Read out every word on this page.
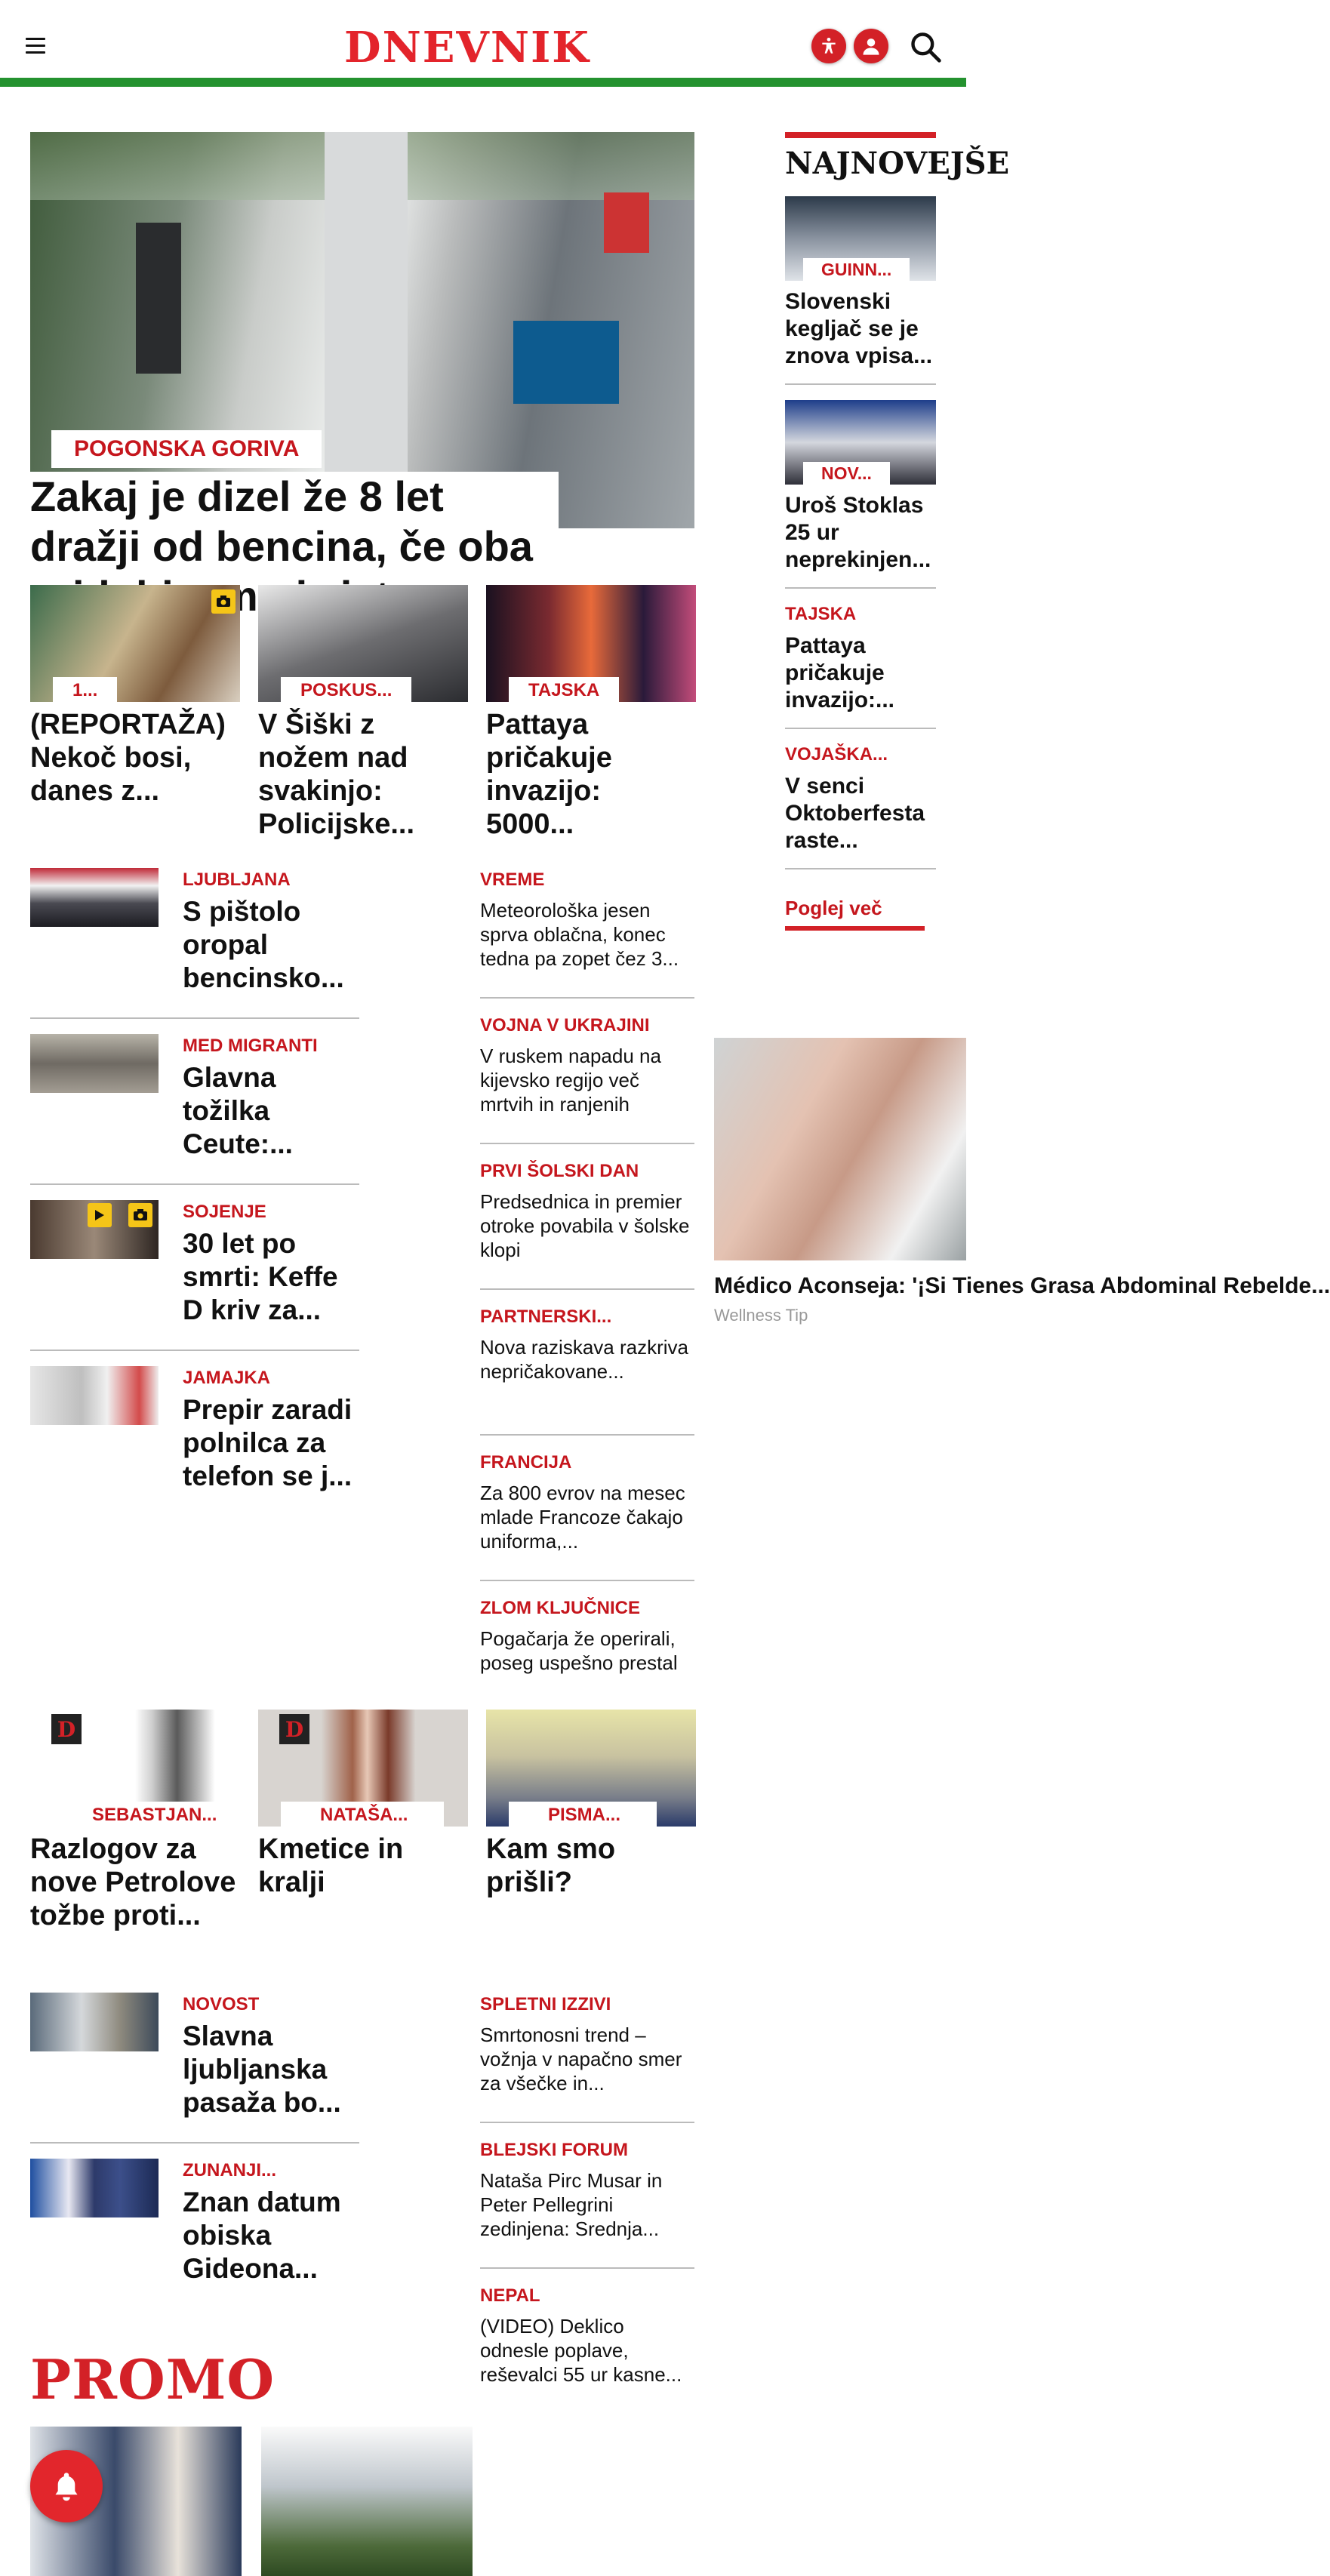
DNEVNIK
POGONSKA GORIVA
Zakaj je dizel že 8 let dražji od bencina, če oba
1...
(REPORTAŽA) Nekoč bosi, danes z...
POSKUS...
V Šiški z nožem nad svakinjo: Policijske...
TAJSKA
Pattaya pričakuje invazijo: 5000...
LJUBLJANA
S pištolo oropal bencinsko...
MED MIGRANTI
Glavna tožilka Ceute:...
SOJENJE
30 let po smrti: Keffe D kriv za...
JAMAJKA
Prepir zaradi polnilca za telefon se j...
VREME
Meteorološka jesen sprva oblačna, konec tedna pa zopet čez 3...
VOJNA V UKRAJINI
V ruskem napadu na kijevsko regijo več mrtvih in ranjenih
PRVI ŠOLSKI DAN
Predsednica in premier otroke povabila v šolske klopi
PARTNERSKI...
Nova raziskava razkriva nepričakovane...
FRANCIJA
Za 800 evrov na mesec mlade Francoze čakajo uniforma,...
ZLOM KLJUČNICE
Pogačarja že operirali, poseg uspešno prestal
NAJNOVEJŠE
GUINN...
Slovenski kegljač se je znova vpisa...
NOV...
Uroš Stoklas 25 ur neprekinjen...
TAJSKA
Pattaya pričakuje invazijo:...
VOJAŠKA...
V senci Oktoberfesta raste...
Poglej več
Médico Aconseja: '¡Si Tienes Grasa Abdominal Rebelde...
Wellness Tip
D
SEBASTJAN...
Razlogov za nove Petrolove tožbe proti...
D
NATAŠA...
Kmetice in kralji
PISMA...
Kam smo prišli?
NOVOST
Slavna ljubljanska pasaža bo...
ZUNANJI...
Znan datum obiska Gideona...
SPLETNI IZZIVI
Smrtonosni trend – vožnja v napačno smer za všečke in...
BLEJSKI FORUM
Nataša Pirc Musar in Peter Pellegrini zedinjena: Srednja...
NEPAL
(VIDEO) Deklico odnesle poplave, reševalci 55 ur kasne...
PROMO
